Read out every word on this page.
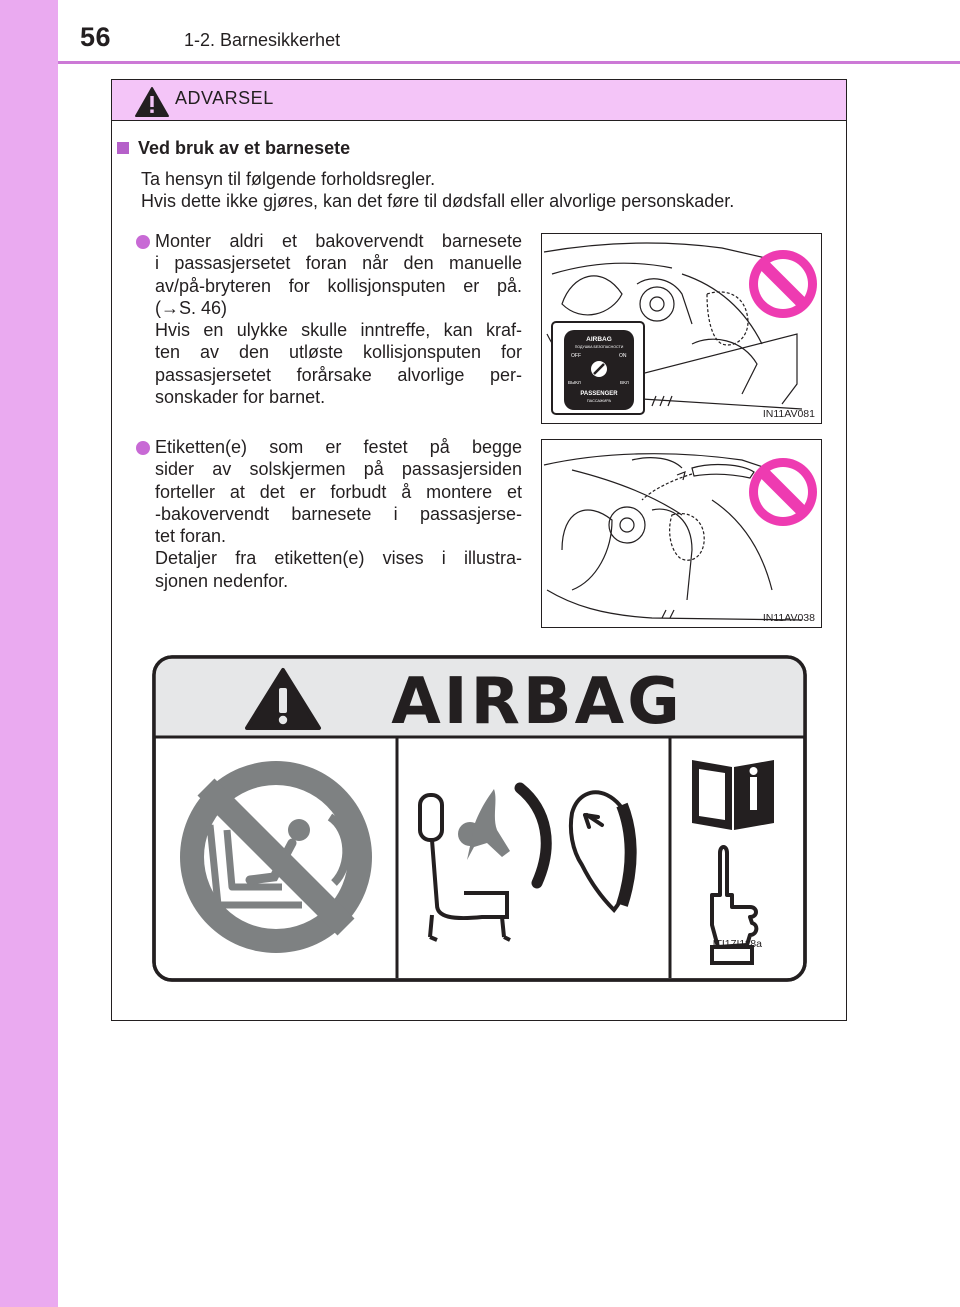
56	1-2. Barnesikkerhet
ADVARSEL
Ved bruk av et barnesete
Ta hensyn til følgende forholdsregler.
Hvis dette ikke gjøres, kan det føre til dødsfall eller alvorlige personskader.
Monter aldri et bakovervendt barnesete
i passasjersetet foran når den manuelle
av/på-bryteren for kollisjonsputen er på.
(→S. 46)
Hvis en ulykke skulle inntreffe, kan kraf-
ten av den utløste kollisjonsputen for
passasjersetet forårsake alvorlige per-
sonskader for barnet.
Etiketten(e) som er festet på begge
sider av solskjermen på passasjersiden
forteller at det er forbudt å montere et
-bakovervendt barnesete i passasjerse-
tet foran.
Detaljer fra etiketten(e) vises i illustra-
sjonen nedenfor.
AIRBAG
ПОДУШКА БЕЗОПАСНОСТИ
OFF	ON
ВЫКЛ	ВКЛ
PASSENGER
ПАССАЖИРА
IN11AV081
IN11AV038
AIRBAG
ITI17I118a
